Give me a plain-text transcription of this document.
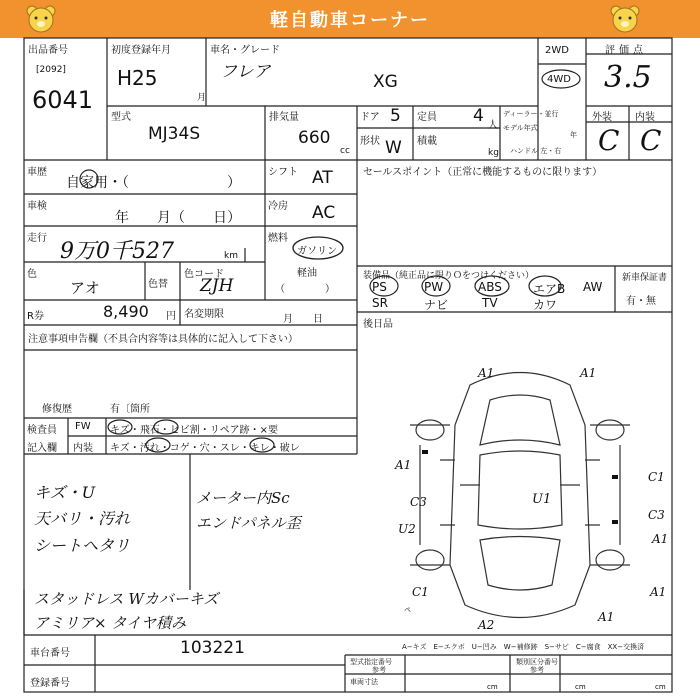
軽自動車コーナー
出品番号
[2092]
6041
初度登録年月
H25
月
車名・グレード
フレア	XG
2WD
4WD
評価点
3.5
外装 内装
C C
型式
MJ34S
排気量
660
cc
ドア 5
形状 W
定員 4 人
積載
kg
ディーラー・並行
モデル年式
年
ハンドル 左・右
車歴
自家用・（　　　　　　　）
車検
年　　月（　　日）
走行
9万0千527	km
色
アオ	色替
色コード
ZJH
R券	8,490 円 名変期限	月　　日
シフト AT
冷房 AC
燃料
ガソリン
軽油
（　　　　）
セールスポイント（正常に機能するものに限ります）
装備品（純正品に限りＯをつけください）
PS	PW	ABS	エアB AW
SR	ナビ	TV	カワ
新車保証書
有・無
後日品
注意事項申告欄（不具合内容等は具体的に記入して下さい）
修復歴	有〔箇所
検査員
記入欄
FW キズ・飛石・ヒビ割・リペア跡・×要
内装 キズ・汚れ・コゲ・穴・スレ・キレ・破レ
キズ・U
天バリ・汚れ
シートヘタリ
メーター内Sc
エンドパネル歪
スタッドレス Wカバーキズ
アミリア× タイヤ積み
A1	A1
A1
C1
C3	U1
U2
A1
C1	A1
A2
A1
C3
ペ
A−キズ　E−エクボ　U−凹み　W−補修跡　S−サビ　C−腐食　XX−交換済
車台番号	103221
登録番号
型式指定番号
参考
類別区分番号
参考
車両寸法
cm	cm	cm
